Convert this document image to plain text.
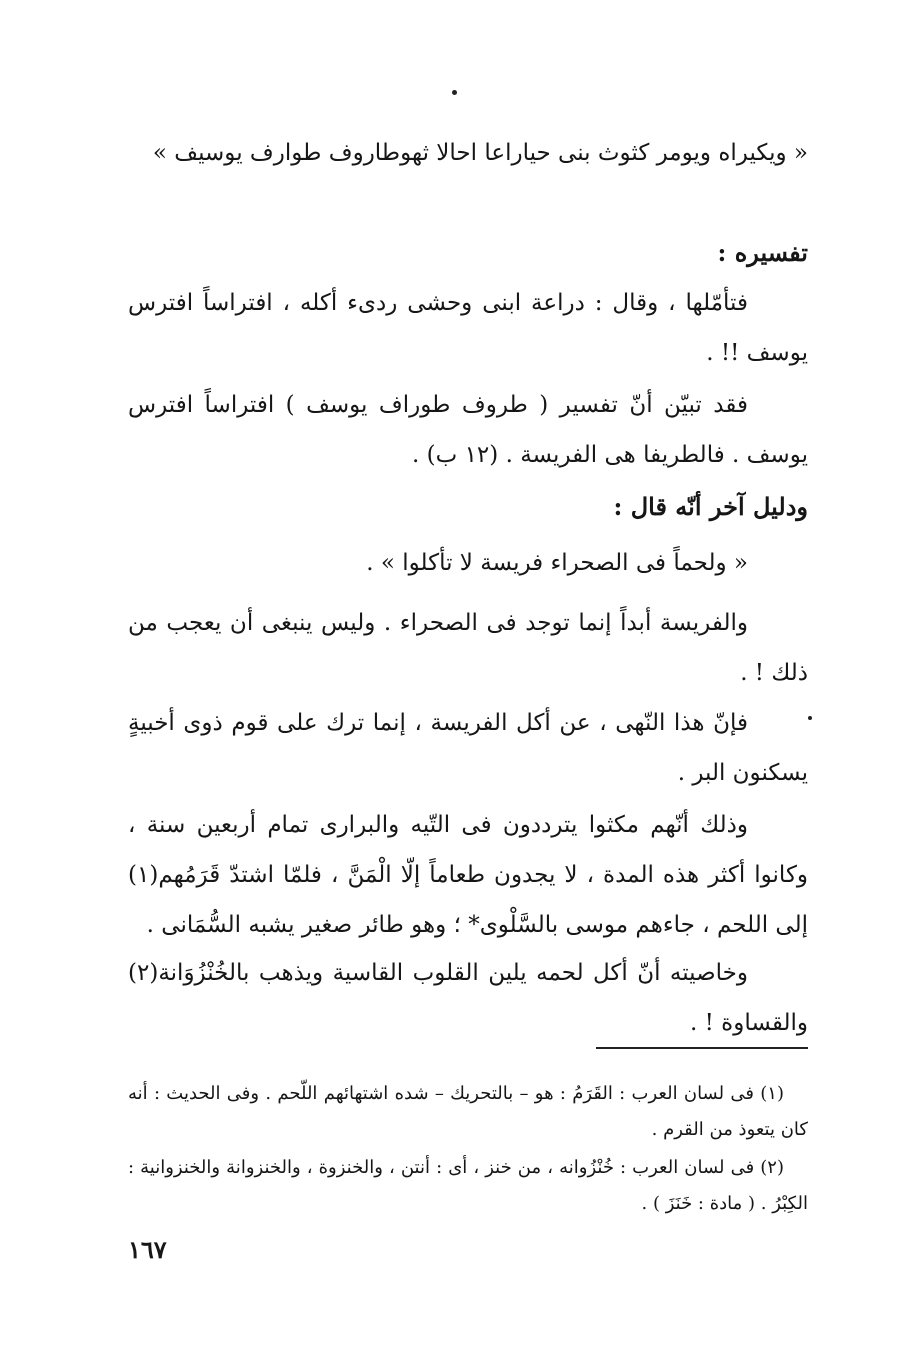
« ويكيراه ويومر كثوث بنى حياراعا احالا ثهوطاروف طوارف يوسيف »
تفسيره :
فتأمّلها ، وقال : دراعة ابنى وحشى ردىء أكله ، افتراساً افترس يوسف !! .
فقد تبيّن أنّ تفسير ( طروف طوراف يوسف ) افتراساً افترس يوسف . فالطريفا هى الفريسة . (١٢ ب) .
ودليل آخر أنّه قال :
« ولحماً فى الصحراء فريسة لا تأكلوا » .
والفريسة أبداً إنما توجد فى الصحراء . وليس ينبغى أن يعجب من ذلك ! .
فإنّ هذا النّهى ، عن أكل الفريسة ، إنما ترك على قوم ذوى أخبيةٍ يسكنون البر .
وذلك أنّهم مكثوا يترددون فى التّيه والبرارى تمام أربعين سنة ، وكانوا أكثر هذه المدة ، لا يجدون طعاماً إلّا الْمَنَّ ، فلمّا اشتدّ قَرَمُهم(١) إلى اللحم ، جاءهم موسى بالسَّلْوى* ؛ وهو طائر صغير يشبه السُّمَانى .
وخاصيته أنّ أكل لحمه يلين القلوب القاسية ويذهب بالخُنْزُوَانة(٢) والقساوة ! .
(١) فى لسان العرب : القَرَمُ : هو – بالتحريك – شده اشتهائهم اللّحم . وفى الحديث : أنه كان يتعوذ من القرم .
(٢) فى لسان العرب : خُنْزُوانه ، من خنز ، أى : أنتن ، والخنزوة ، والخنزوانة والخنزوانية : الكِبْرُ . ( مادة : خَنَزَ ) .
١٦٧
